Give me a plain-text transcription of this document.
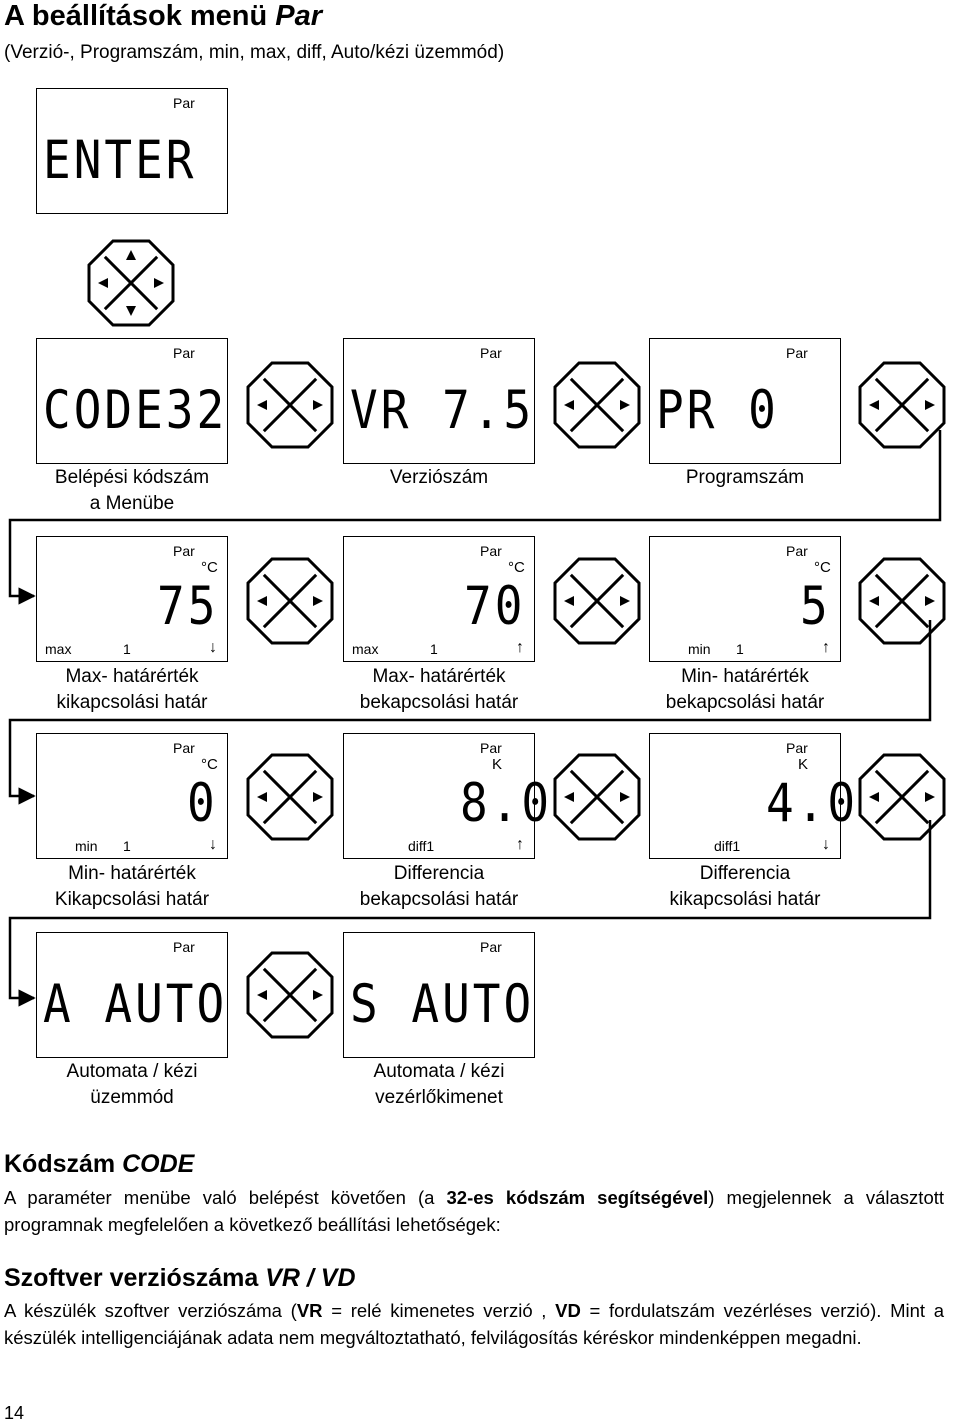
A beállítások menü Par
(Verzió-, Programszám, min, max, diff, Auto/kézi üzemmód)
Par
ENTER
Par
CODE32
Par
VR 7.5
Par
PR 0
Belépési kódszám
a Menübe
Verziószám	Programszám
Par
°C
75
max	1	↓
Par
°C
70
max	1	↑
Par
°C
5
min 1	↑
Max- határérték
kikapcsolási határ
Max- határérték
bekapcsolási határ
Min- határérték
bekapcsolási határ
Par
°C
0
min 1	↓
Par
K
8.0
diff1	↑
Par
K
4.0
diff1	↓
Min- határérték
Kikapcsolási határ
Differencia
bekapcsolási határ
Differencia
kikapcsolási határ
Par
A AUTO
Par
S AUTO
Automata / kézi
üzemmód
Automata / kézi
vezérlőkimenet
Kódszám CODE
A paraméter menübe való belépést követően (a 32-es kódszám segítségével) megjelennek a választott programnak megfelelően a következő beállítási lehetőségek:
Szoftver verziószáma VR / VD
A készülék szoftver verziószáma (VR = relé kimenetes verzió , VD = fordulatszám vezérléses verzió). Mint a készülék intelligenciájának adata nem megváltoztatható, felvilágosítás kéréskor mindenképpen megadni.
14
